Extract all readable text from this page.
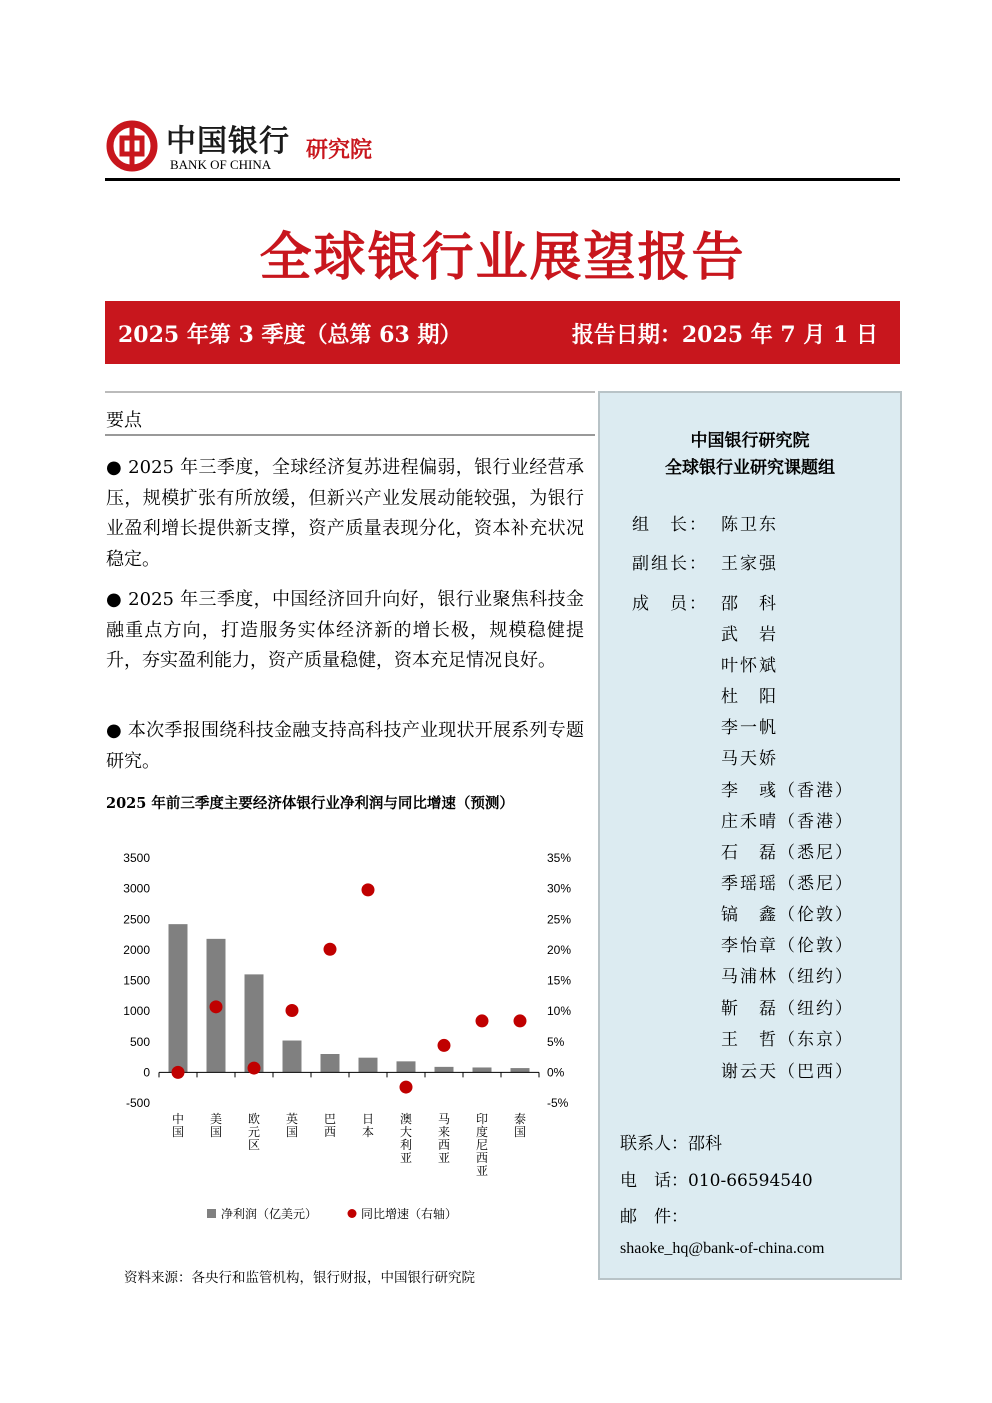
中国银行
BANK OF CHINA
研究院
全球银行业展望报告
2025 年第 3 季度（总第 63 期）	报告日期：2025 年 7 月 1 日
要点
● 2025 年三季度，全球经济复苏进程偏弱，银行业经营承压，规模扩张有所放缓，但新兴产业发展动能较强，为银行业盈利增长提供新支撑，资产质量表现分化，资本补充状况稳定。
● 2025 年三季度，中国经济回升向好，银行业聚焦科技金融重点方向，打造服务实体经济新的增长极，规模稳健提升，夯实盈利能力，资产质量稳健，资本充足情况良好。
● 本次季报围绕科技金融支持高科技产业现状开展系列专题研究。
2025 年前三季度主要经济体银行业净利润与同比增速（预测）
-500
0
500
1000
1500
2000
2500
3000
3500
-5%
0%
5%
10%
15%
20%
25%
30%
35%
中国
美国
欧元区
英国
巴西
日本
澳大利亚
马来西亚
印度尼西亚
泰国
净利润（亿美元）	同比增速（右轴）
资料来源：各央行和监管机构，银行财报，中国银行研究院
中国银行研究院
全球银行业研究课题组
组　长： 陈卫东
副组长： 王家强
成　员： 邵　科
武　岩
叶怀斌
杜　阳
李一帆
马天娇
李　彧（香港）
庄禾晴（香港）
石　磊（悉尼）
季瑶瑶（悉尼）
镐　鑫（伦敦）
李怡章（伦敦）
马浦林（纽约）
靳　磊（纽约）
王　哲（东京）
谢云天（巴西）
联系人：邵科
电　话：010-66594540
邮　件：
shaoke_hq@bank-of-china.com
